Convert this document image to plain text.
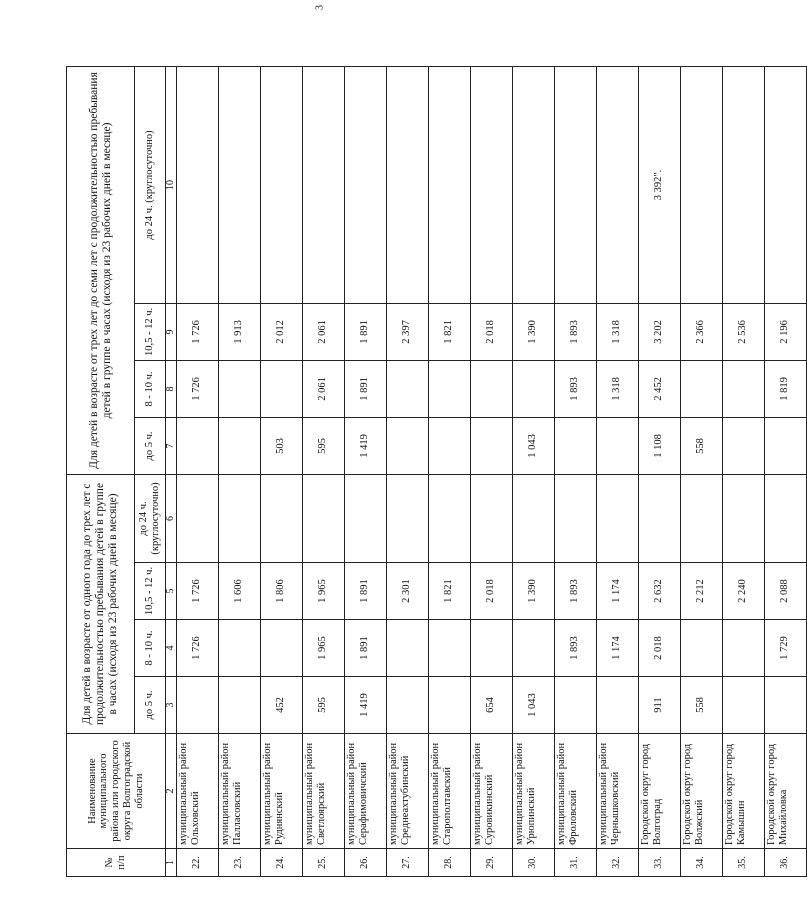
3
№ п/п	Наименование муниципального района или городского округа Волгоградской области	Для детей в возрасте от одного года до трех лет с продолжительностью пребывания детей в группе в часах (исходя из 23 рабочих дней в месяце)				Для детей в возрасте от трех лет до семи лет с продолжительностью пребывания детей в группе в часах (исходя из 23 рабочих дней в месяце)			
		до 5 ч.	8 - 10 ч.	10,5 - 12 ч.	до 24 ч. (круглосуточно)	до 5 ч.	8 - 10 ч.	10,5 - 12 ч.	до 24 ч. (круглосуточно)
1	2	3	4	5	6	7	8	9	10
22.	муниципальный район Ольховский		1 726	1 726			1 726	1 726	
23.	муниципальный район Палласовский			1 606				1 913	
24.	муниципальный район Руднянский	452		1 806		503		2 012	
25.	муниципальный район Светлоярский	595	1 965	1 965		595	2 061	2 061	
26.	муниципальный район Серафимовичский	1 419	1 891	1 891		1 419	1 891	1 891	
27.	муниципальный район Среднеахтубинский			2 301				2 397	
28.	муниципальный район Старополтавский			1 821				1 821	
29.	муниципальный район Суровикинский	654		2 018				2 018	
30.	муниципальный район Урюпинский	1 043		1 390		1 043		1 390	
31.	муниципальный район Фроловский		1 893	1 893			1 893	1 893	
32.	муниципальный район Чернышковский		1 174	1 174			1 318	1 318	
33.	Городской округ город Волгоград	911	2 018	2 632		1 108	2 452	3 202	3 392".
34.	Городской округ город Волжский	558		2 212		558		2 366	
35.	Городской округ город Камышин			2 240				2 536	
36.	Городской округ город Михайловка		1 729	2 088			1 819	2 196	
